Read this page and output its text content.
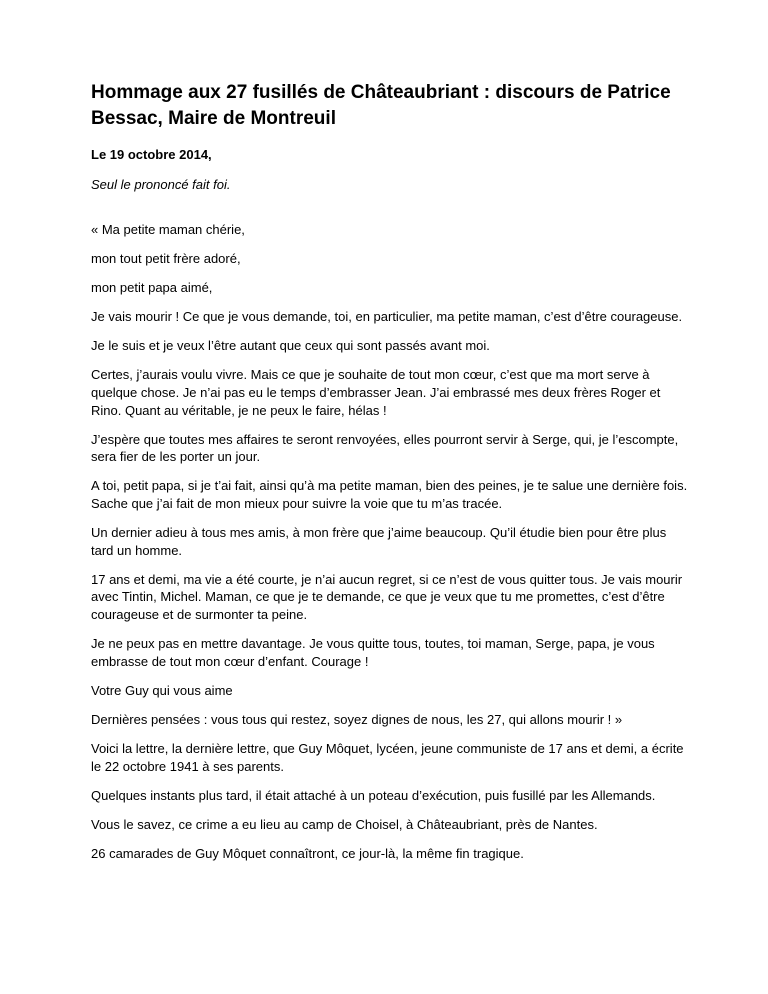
Hommage aux 27 fusillés de Châteaubriant : discours de Patrice Bessac, Maire de Montreuil

Le 19 octobre 2014,

Seul le prononcé fait foi.

« Ma petite maman chérie,

mon tout petit frère adoré,

mon petit papa aimé,

Je vais mourir ! Ce que je vous demande, toi, en particulier, ma petite maman, c’est d’être courageuse.

Je le suis et je veux l’être autant que ceux qui sont passés avant moi.

Certes, j’aurais voulu vivre. Mais ce que je souhaite de tout mon cœur, c’est que ma mort serve à quelque chose. Je n’ai pas eu le temps d’embrasser Jean. J’ai embrassé mes deux frères Roger et Rino. Quant au véritable, je ne peux le faire, hélas !

J’espère que toutes mes affaires te seront renvoyées, elles pourront servir à Serge, qui, je l’escompte, sera fier de les porter un jour.

A toi, petit papa, si je t’ai fait, ainsi qu’à ma petite maman, bien des peines, je te salue une dernière fois. Sache que j’ai fait de mon mieux pour suivre la voie que tu m’as tracée.

Un dernier adieu à tous mes amis, à mon frère que j’aime beaucoup. Qu’il étudie bien pour être plus tard un homme.

17 ans et demi, ma vie a été courte, je n’ai aucun regret, si ce n’est de vous quitter tous. Je vais mourir avec Tintin, Michel. Maman, ce que je te demande, ce que je veux que tu me promettes, c’est d’être courageuse et de surmonter ta peine.

Je ne peux pas en mettre davantage. Je vous quitte tous, toutes, toi maman, Serge, papa, je vous embrasse de tout mon cœur d’enfant. Courage !

Votre Guy qui vous aime

Dernières pensées : vous tous qui restez, soyez dignes de nous, les 27, qui allons mourir ! »

Voici la lettre, la dernière lettre, que Guy Môquet, lycéen, jeune communiste de 17 ans et demi, a écrite le 22 octobre 1941 à ses parents.

Quelques instants plus tard, il était attaché à un poteau d’exécution, puis fusillé par les Allemands.

Vous le savez, ce crime a eu lieu au camp de Choisel, à Châteaubriant, près de Nantes.

26 camarades de Guy Môquet connaîtront, ce jour-là, la même fin tragique.
